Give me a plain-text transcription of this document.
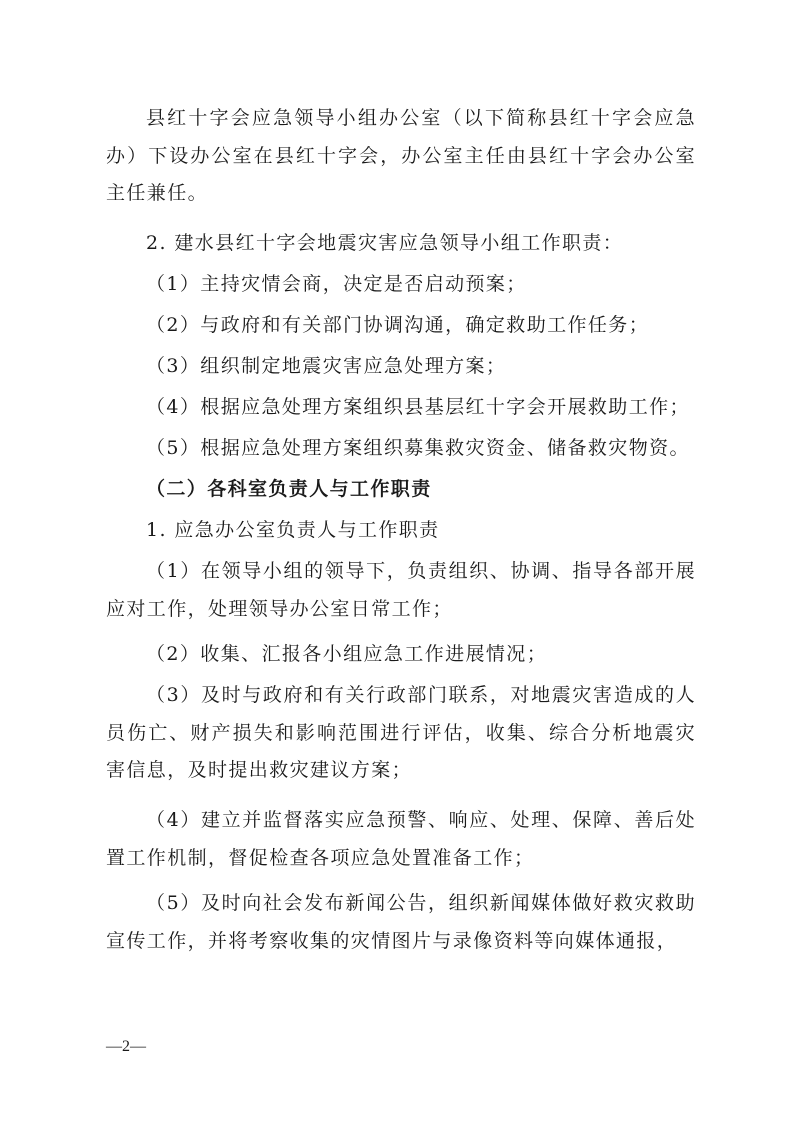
县红十字会应急领导小组办公室（以下简称县红十字会应急办）下设办公室在县红十字会，办公室主任由县红十字会办公室主任兼任。

2. 建水县红十字会地震灾害应急领导小组工作职责：

（1）主持灾情会商，决定是否启动预案；

（2）与政府和有关部门协调沟通，确定救助工作任务；

（3）组织制定地震灾害应急处理方案；

（4）根据应急处理方案组织县基层红十字会开展救助工作；

（5）根据应急处理方案组织募集救灾资金、储备救灾物资。

（二）各科室负责人与工作职责

1. 应急办公室负责人与工作职责

（1）在领导小组的领导下，负责组织、协调、指导各部开展应对工作，处理领导办公室日常工作；

（2）收集、汇报各小组应急工作进展情况；

（3）及时与政府和有关行政部门联系，对地震灾害造成的人员伤亡、财产损失和影响范围进行评估，收集、综合分析地震灾害信息，及时提出救灾建议方案；

（4）建立并监督落实应急预警、响应、处理、保障、善后处置工作机制，督促检查各项应急处置准备工作；

（5）及时向社会发布新闻公告，组织新闻媒体做好救灾救助宣传工作，并将考察收集的灾情图片与录像资料等向媒体通报，

—2—
